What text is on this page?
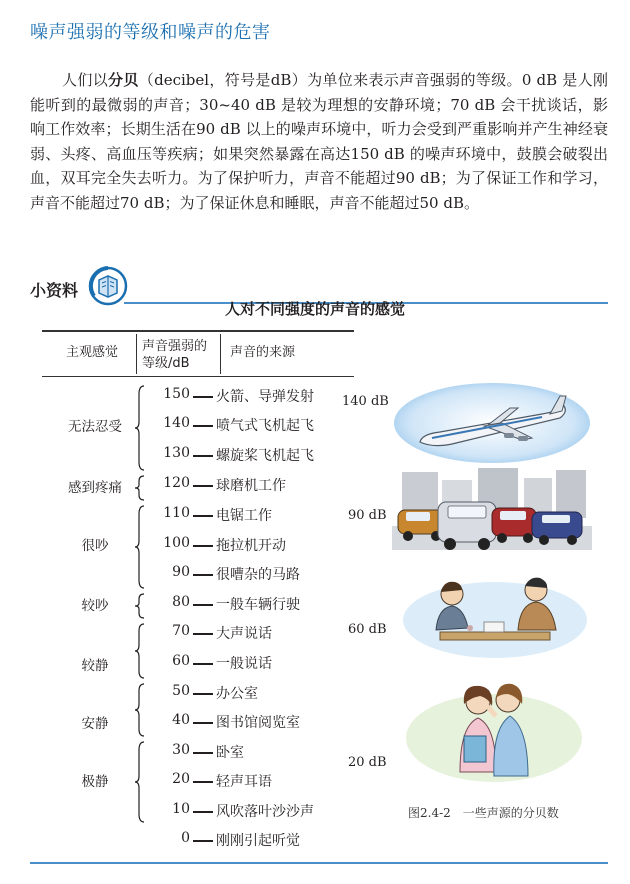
噪声强弱的等级和噪声的危害
人们以分贝（decibel，符号是dB）为单位来表示声音强弱的等级。0 dB 是人刚能听到的最微弱的声音；30~40 dB 是较为理想的安静环境；70 dB 会干扰谈话，影响工作效率；长期生活在90 dB 以上的噪声环境中，听力会受到严重影响并产生神经衰弱、头疼、高血压等疾病；如果突然暴露在高达150 dB 的噪声环境中，鼓膜会破裂出血，双耳完全失去听力。为了保护听力，声音不能超过90 dB；为了保证工作和学习，声音不能超过70 dB；为了保证休息和睡眠，声音不能超过50 dB。
小资料
人对不同强度的声音的感觉
主观感觉 声音强弱的
等级/dB
声音的来源
无法忍受
感到疼痛
很吵
较吵
较静
安静
极静
150 火箭、导弹发射
140 喷气式飞机起飞
130 螺旋桨飞机起飞
120 球磨机工作
110 电锯工作
100 拖拉机开动
90 很嘈杂的马路
80 一般车辆行驶
70 大声说话
60 一般说话
50 办公室
40 图书馆阅览室
30 卧室
20 轻声耳语
10 风吹落叶沙沙声
0 刚刚引起听觉
140 dB
90 dB
60 dB
20 dB
图2.4-2　一些声源的分贝数
